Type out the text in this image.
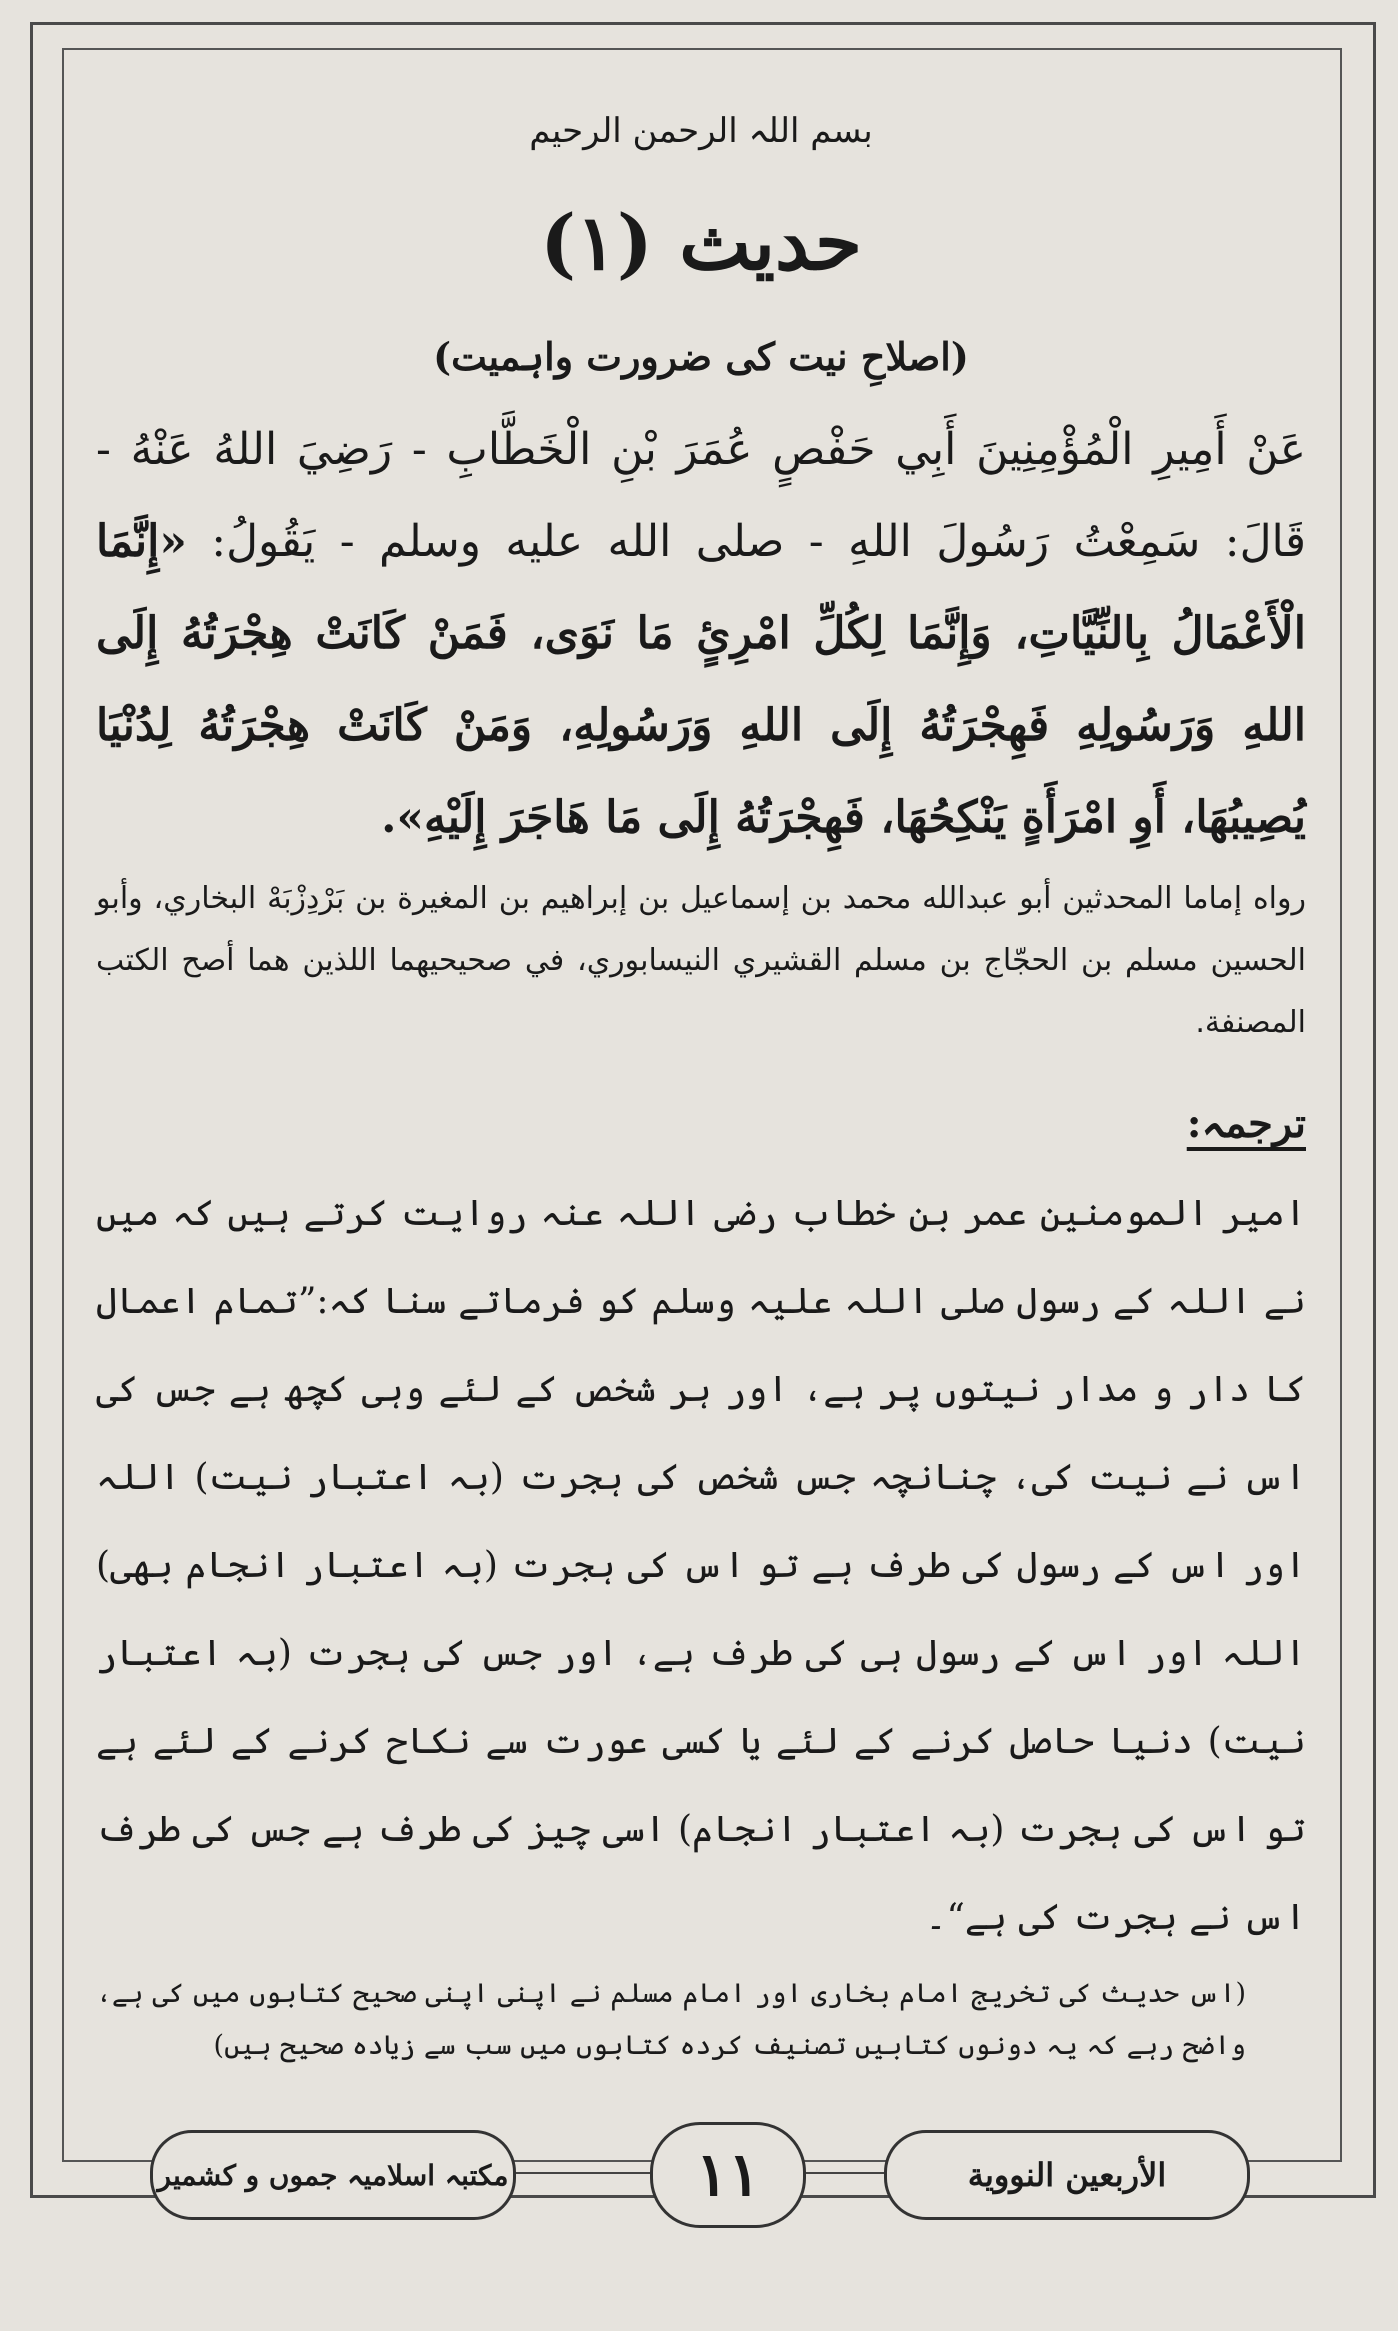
بسم اللہ الرحمن الرحیم
حدیث (۱)
(اصلاحِ نیت کی ضرورت واہمیت)
عَنْ أَمِيرِ الْمُؤْمِنِينَ أَبِي حَفْصٍ عُمَرَ بْنِ الْخَطَّابِ - رَضِيَ اللهُ عَنْهُ - قَالَ: سَمِعْتُ رَسُولَ اللهِ - صلى الله عليه وسلم - يَقُولُ: «إِنَّمَا الْأَعْمَالُ بِالنِّيَّاتِ، وَإِنَّمَا لِكُلِّ امْرِئٍ مَا نَوَى، فَمَنْ كَانَتْ هِجْرَتُهُ إِلَى اللهِ وَرَسُولِهِ فَهِجْرَتُهُ إِلَى اللهِ وَرَسُولِهِ، وَمَنْ كَانَتْ هِجْرَتُهُ لِدُنْيَا يُصِيبُهَا، أَوِ امْرَأَةٍ يَنْكِحُهَا، فَهِجْرَتُهُ إِلَى مَا هَاجَرَ إِلَيْهِ».
رواه إماما المحدثين أبو عبدالله محمد بن إسماعيل بن إبراهيم بن المغيرة بن بَرْدِزْبَهْ البخاري، وأبو الحسين مسلم بن الحجّاج بن مسلم القشيري النيسابوري، في صحيحيهما اللذين هما أصح الكتب المصنفة.
ترجمہ:
امیر المومنین عمر بن خطاب رضی اللہ عنہ روایت کرتے ہیں کہ میں نے اللہ کے رسول صلی اللہ علیہ وسلم کو فرماتے سنا کہ:”تمام اعمال کا دار و مدار نیتوں پر ہے، اور ہر شخص کے لئے وہی کچھ ہے جس کی اس نے نیت کی، چنانچہ جس شخص کی ہجرت (بہ اعتبار نیت) اللہ اور اس کے رسول کی طرف ہے تو اس کی ہجرت (بہ اعتبار انجام بھی) اللہ اور اس کے رسول ہی کی طرف ہے، اور جس کی ہجرت (بہ اعتبار نیت) دنیا حاصل کرنے کے لئے یا کسی عورت سے نکاح کرنے کے لئے ہے تو اس کی ہجرت (بہ اعتبار انجام) اسی چیز کی طرف ہے جس کی طرف اس نے ہجرت کی ہے“۔
(اس حدیث کی تخریج امام بخاری اور امام مسلم نے اپنی اپنی صحیح کتابوں میں کی ہے، واضح رہے کہ یہ دونوں کتابیں تصنیف کردہ کتابوں میں سب سے زیادہ صحیح ہیں)
الأربعين النووية
۱۱
مکتبہ اسلامیہ جموں و کشمیر
